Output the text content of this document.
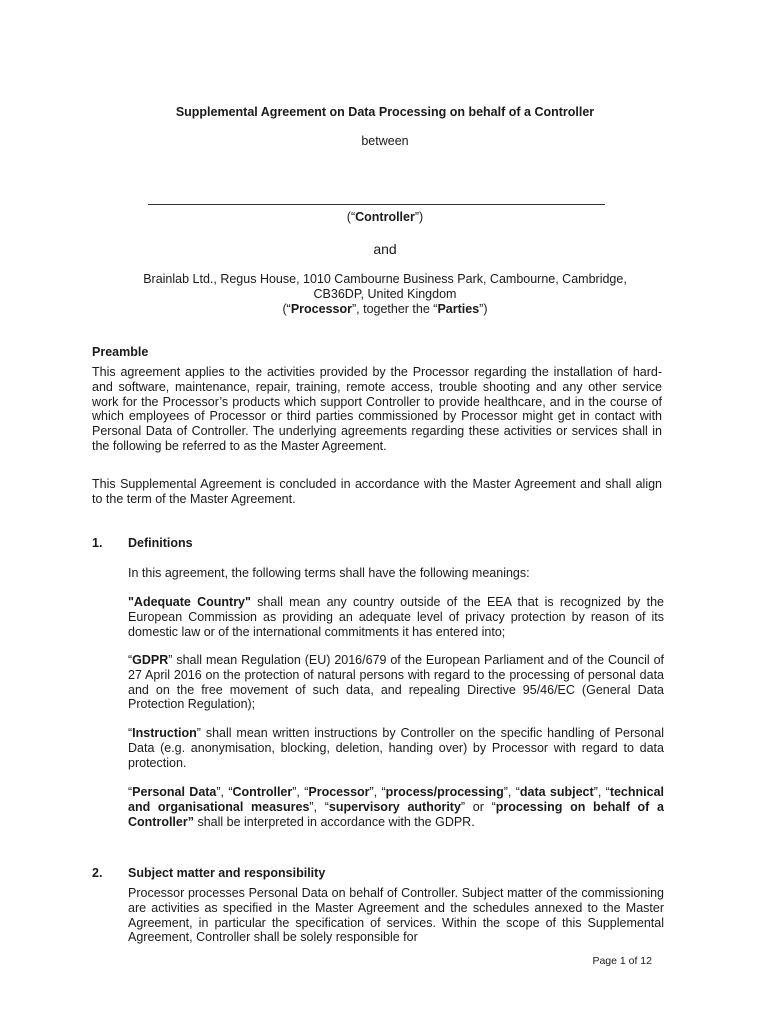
Supplemental Agreement on Data Processing on behalf of a Controller
between
(“Controller”)
and
Brainlab Ltd., Regus House, 1010 Cambourne Business Park, Cambourne, Cambridge,
CB36DP, United Kingdom
(“Processor”, together the “Parties”)
Preamble
This agreement applies to the activities provided by the Processor regarding the installation of hard- and software, maintenance, repair, training, remote access, trouble shooting and any other service work for the Processor’s products which support Controller to provide healthcare, and in the course of which employees of Processor or third parties commissioned by Processor might get in contact with Personal Data of Controller. The underlying agreements regarding these activities or services shall in the following be referred to as the Master Agreement.
This Supplemental Agreement is concluded in accordance with the Master Agreement and shall align to the term of the Master Agreement.
1. Definitions
In this agreement, the following terms shall have the following meanings:
"Adequate Country" shall mean any country outside of the EEA that is recognized by the European Commission as providing an adequate level of privacy protection by reason of its domestic law or of the international commitments it has entered into;
“GDPR” shall mean Regulation (EU) 2016/679 of the European Parliament and of the Council of 27 April 2016 on the protection of natural persons with regard to the processing of personal data and on the free movement of such data, and repealing Directive 95/46/EC (General Data Protection Regulation);
“Instruction” shall mean written instructions by Controller on the specific handling of Personal Data (e.g. anonymisation, blocking, deletion, handing over) by Processor with regard to data protection.
“Personal Data”, “Controller”, “Processor”, “process/processing”, “data subject”, “technical and organisational measures”, “supervisory authority” or “processing on behalf of a Controller” shall be interpreted in accordance with the GDPR.
2. Subject matter and responsibility
Processor processes Personal Data on behalf of Controller. Subject matter of the commissioning are activities as specified in the Master Agreement and the schedules annexed to the Master Agreement, in particular the specification of services. Within the scope of this Supplemental Agreement, Controller shall be solely responsible for
Page 1 of 12
